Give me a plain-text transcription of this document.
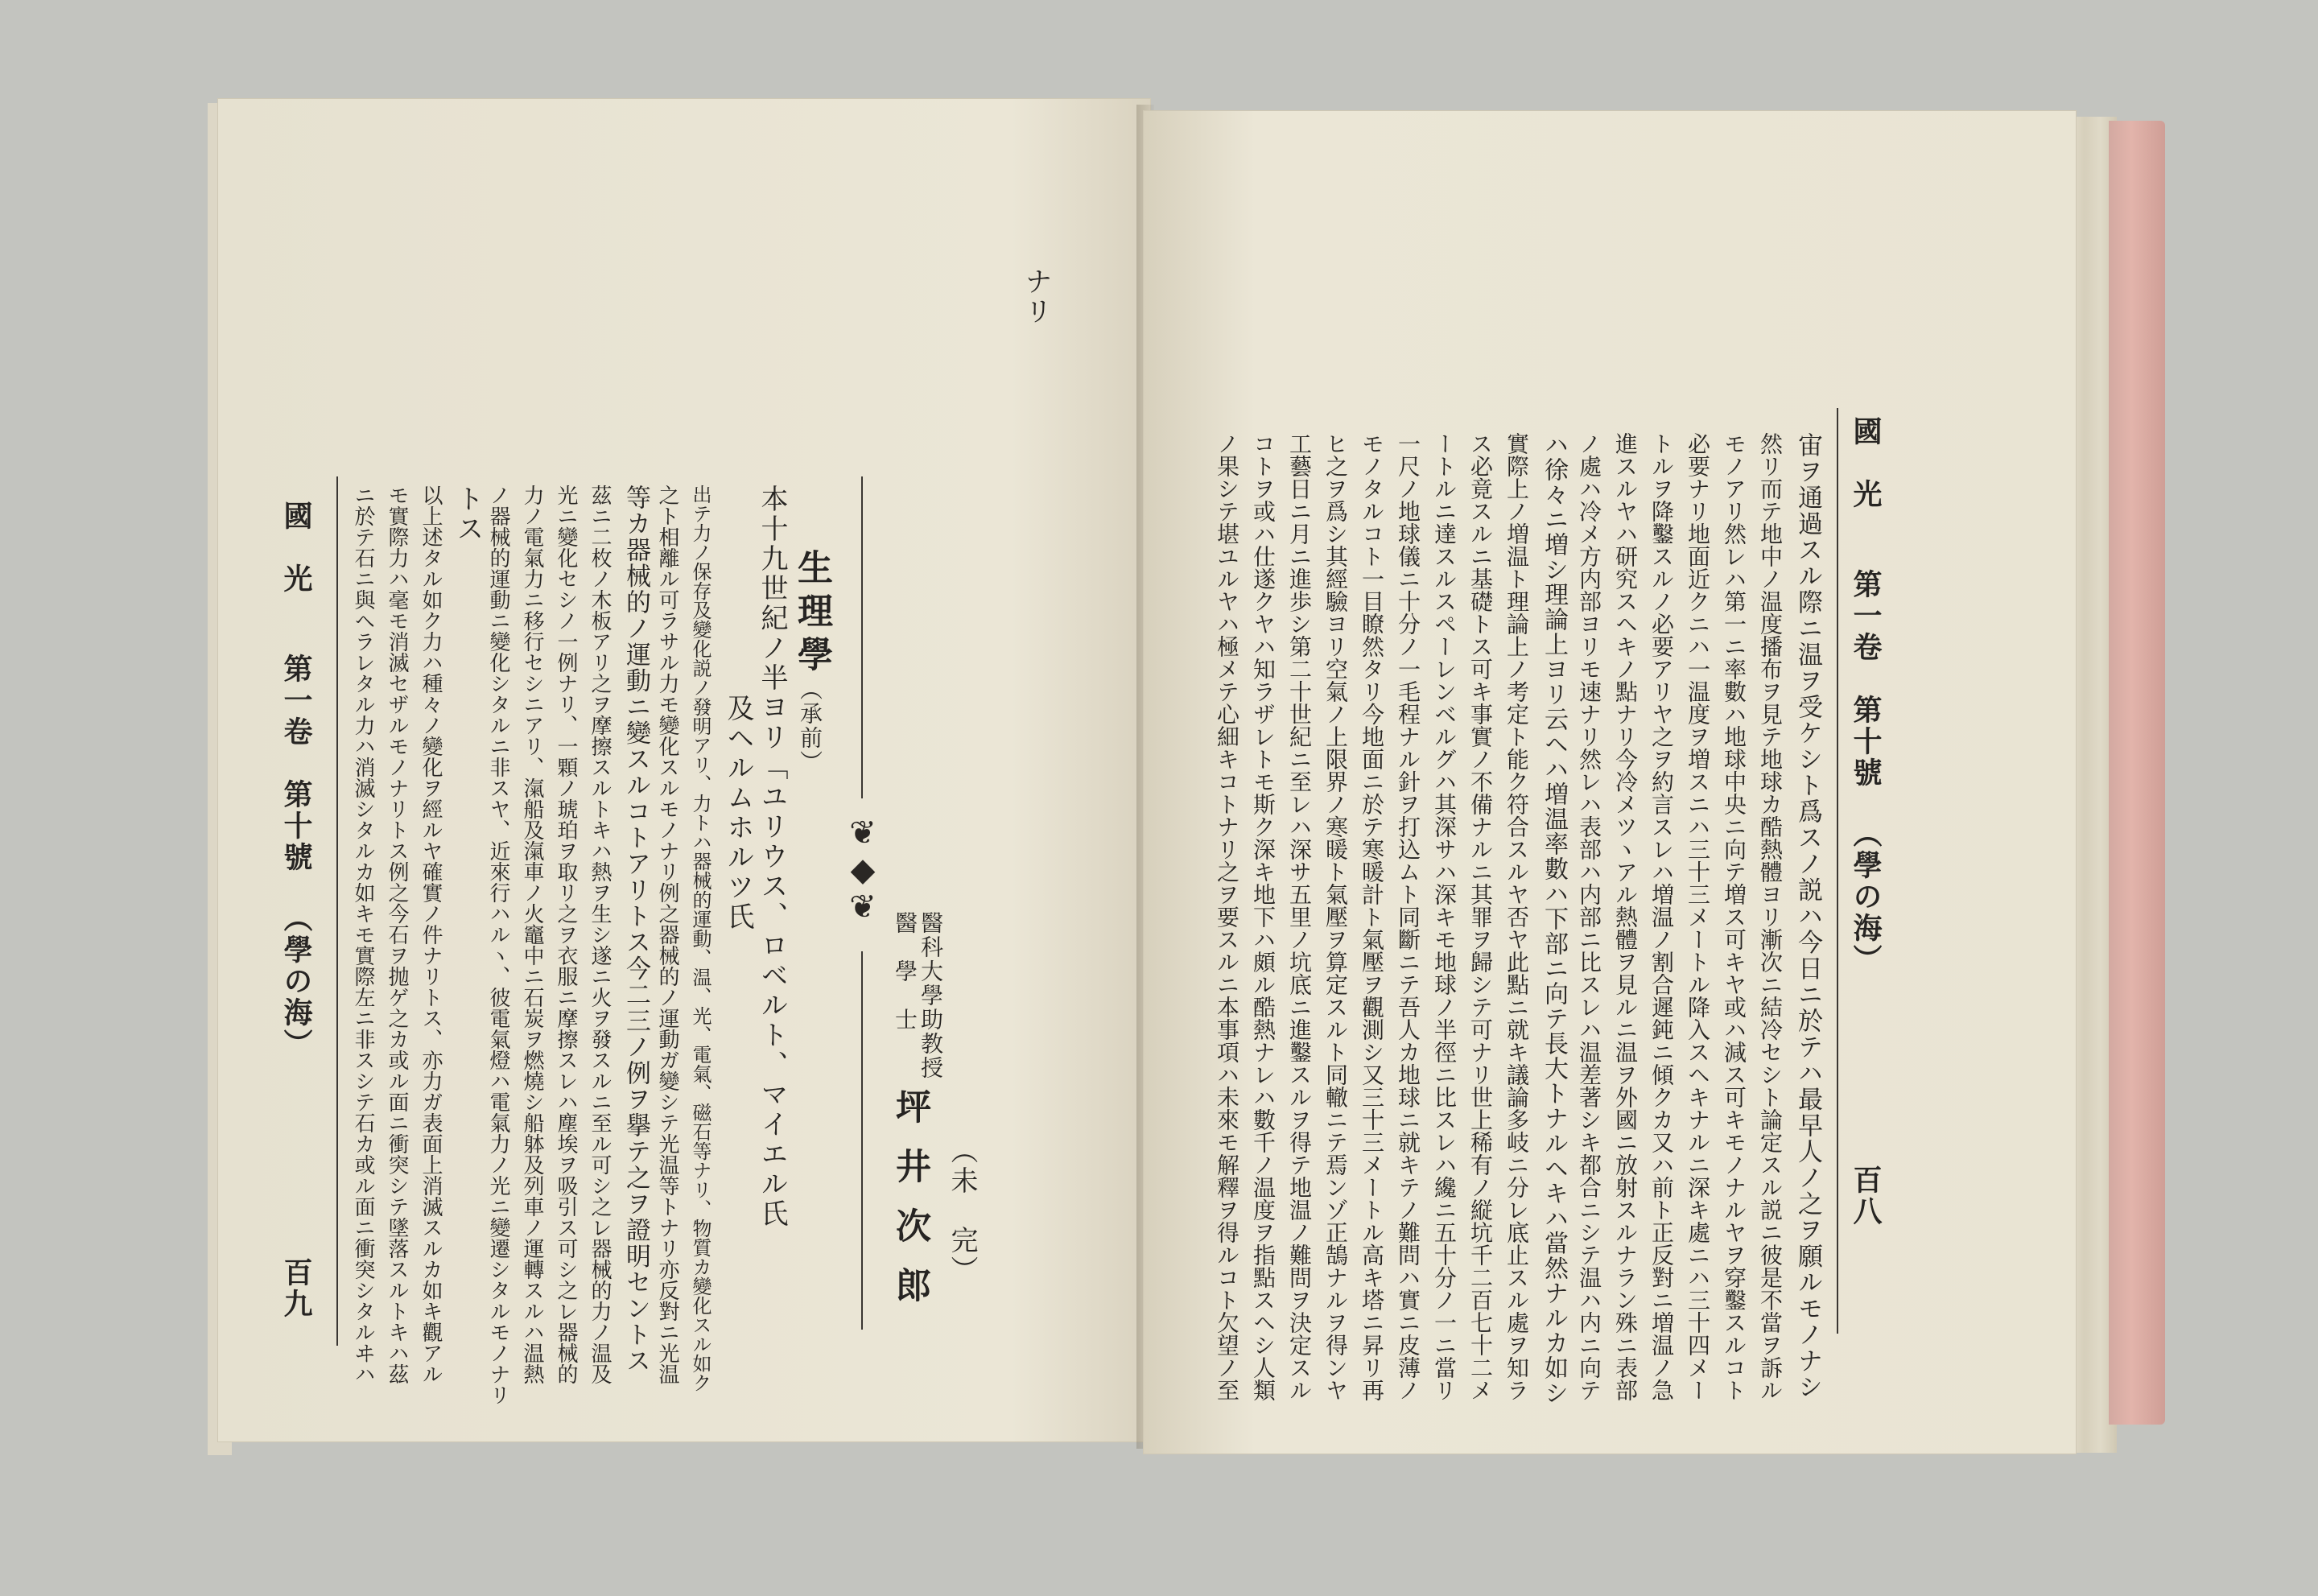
國　光
第一卷　第十號
（學の海）
百九 ニ於テ石ニ與ヘラレタル力ハ消滅シタルカ如キモ實際左ニ非スシテ石カ或ル面ニ衝突シタルヰハ モ實際力ハ毫モ消滅セザルモノナリトス例之今石ヲ抛ゲ之カ或ル面ニ衝突シテ墜落スルトキハ茲 以上述タル如ク力ハ種々ノ變化ヲ經ルヤ確實ノ件ナリトス、亦力ガ表面上消滅スルカ如キ觀アル トス ノ器械的運動ニ變化シタルニ非スヤ、近來行ハルヽ、彼電氣燈ハ電氣力ノ光ニ變遷シタルモノナリ 力ノ電氣力ニ移行セシニアリ、滊船及滊車ノ火竈中ニ石炭ヲ燃燒シ船躰及列車ノ運轉スルハ温熱 光ニ變化セシノ一例ナリ、一顆ノ琥珀ヲ取リ之ヲ衣服ニ摩擦スレハ塵埃ヲ吸引ス可シ之レ器械的 茲ニ二枚ノ木板アリ之ヲ摩擦スルトキハ熱ヲ生シ遂ニ火ヲ發スルニ至ル可シ之レ器械的力ノ温及 等カ器械的ノ運動ニ變スルコトアリトス今二三ノ例ヲ擧テ之ヲ證明セントス 之ト相離ル可ラサル力モ變化スルモノナリ例之器械的ノ運動ガ變シテ光温等トナリ亦反對ニ光温 出テ力ノ保存及變化説ノ發明アリ、力トハ器械的運動、温、光、電氣、磁石等ナリ、物質カ變化スル如ク 及ヘルムホルツ氏 本十九世紀ノ半ヨリ「ユリウス、ロベルト、マイエル氏 生理學
（承前）
❦◆❦
醫科大學助教授
醫　學　士
坪井次郎 （未　完）
ナリ
ノ果シテ堪ユルヤハ極メテ心細キコトナリ之ヲ要スルニ本事項ハ未來モ解釋ヲ得ルコト欠望ノ至 コトヲ或ハ仕遂クヤハ知ラザレトモ斯ク深キ地下ハ頗ル酷熱ナレハ數千ノ温度ヲ指點スヘシ人類 工藝日ニ月ニ進歩シ第二十世紀ニ至レハ深サ五里ノ坑底ニ進鑿スルヲ得テ地温ノ難問ヲ決定スル ヒ之ヲ爲シ其經驗ヨリ空氣ノ上限界ノ寒暖ト氣壓ヲ算定スルト同轍ニテ焉ンゾ正鵠ナルヲ得ンヤ モノタルコト一目瞭然タリ今地面ニ於テ寒暖計ト氣壓ヲ觀測シ又三十三メートル高キ塔ニ昇リ再 一尺ノ地球儀ニ十分ノ一毛程ナル針ヲ打込ムト同斷ニテ吾人カ地球ニ就キテノ難問ハ實ニ皮薄ノ ートルニ達スルスペーレンベルグハ其深サハ深キモ地球ノ半徑ニ比スレハ纔ニ五十分ノ一ニ當リ ス必竟スルニ基礎トス可キ事實ノ不備ナルニ其罪ヲ歸シテ可ナリ世上稀有ノ縦坑千二百七十二メ 實際上ノ増温ト理論上ノ考定ト能ク符合スルヤ否ヤ此點ニ就キ議論多岐ニ分レ底止スル處ヲ知ラ ハ徐々ニ増シ理論上ヨリ云ヘハ増温率數ハ下部ニ向テ長大トナルヘキハ當然ナルカ如シ ノ處ハ冷メ方内部ヨリモ速ナリ然レハ表部ハ内部ニ比スレハ温差著シキ都合ニシテ温ハ内ニ向テ 進スルヤハ研究スヘキノ點ナリ今冷メツヽアル熱體ヲ見ルニ温ヲ外國ニ放射スルナラン殊ニ表部 トルヲ降鑿スルノ必要アリヤ之ヲ約言スレハ増温ノ割合遲鈍ニ傾クカ又ハ前ト正反對ニ増温ノ急 必要ナリ地面近クニハ一温度ヲ増スニハ三十三メートル降入スヘキナルニ深キ處ニハ三十四メー モノアリ然レハ第一ニ率數ハ地球中央ニ向テ増ス可キヤ或ハ減ス可キモノナルヤヲ穿鑿スルコト 然リ而テ地中ノ温度播布ヲ見テ地球カ酷熱體ヨリ漸次ニ結冷セシト論定スル説ニ彼是不當ヲ訴ル 宙ヲ通過スル際ニ温ヲ受ケシト爲スノ説ハ今日ニ於テハ最早人ノ之ヲ願ルモノナシ 國　光
第一卷　第十號
（學の海）
百八
